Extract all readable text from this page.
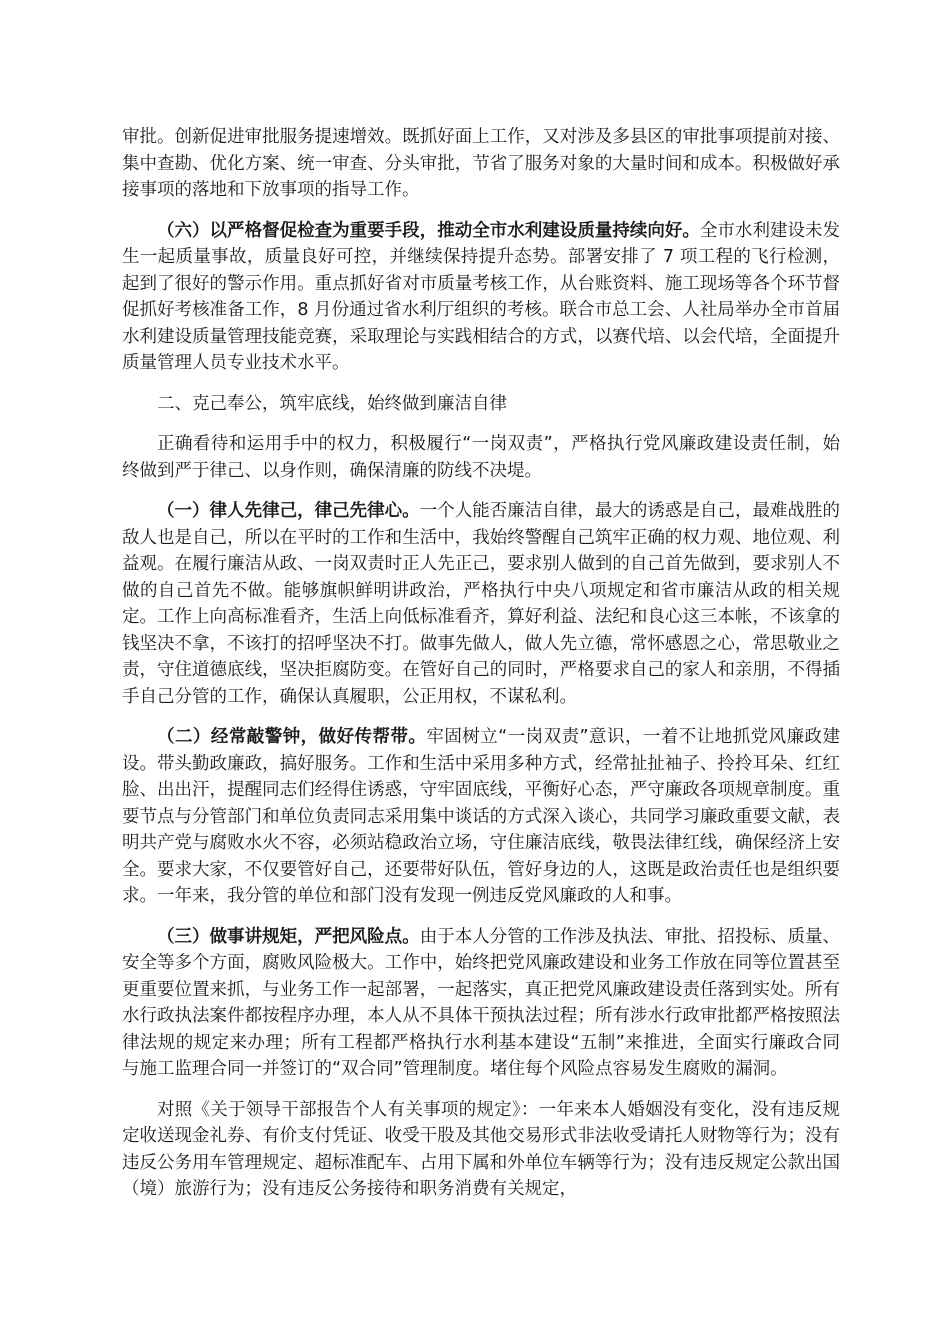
审批。创新促进审批服务提速增效。既抓好面上工作，又对涉及多县区的审批事项提前对接、集中查勘、优化方案、统一审查、分头审批，节省了服务对象的大量时间和成本。积极做好承接事项的落地和下放事项的指导工作。

（六）以严格督促检查为重要手段，推动全市水利建设质量持续向好。全市水利建设未发生一起质量事故，质量良好可控，并继续保持提升态势。部署安排了 7 项工程的飞行检测，起到了很好的警示作用。重点抓好省对市质量考核工作，从台账资料、施工现场等各个环节督促抓好考核准备工作，8 月份通过省水利厅组织的考核。联合市总工会、人社局举办全市首届水利建设质量管理技能竞赛，采取理论与实践相结合的方式，以赛代培、以会代培，全面提升质量管理人员专业技术水平。

二、克己奉公，筑牢底线，始终做到廉洁自律

正确看待和运用手中的权力，积极履行“一岗双责”，严格执行党风廉政建设责任制，始终做到严于律己、以身作则，确保清廉的防线不决堤。

（一）律人先律己，律己先律心。一个人能否廉洁自律，最大的诱惑是自己，最难战胜的敌人也是自己，所以在平时的工作和生活中，我始终警醒自己筑牢正确的权力观、地位观、利益观。在履行廉洁从政、一岗双责时正人先正己，要求别人做到的自己首先做到，要求别人不做的自己首先不做。能够旗帜鲜明讲政治，严格执行中央八项规定和省市廉洁从政的相关规定。工作上向高标准看齐，生活上向低标准看齐，算好利益、法纪和良心这三本帐，不该拿的钱坚决不拿，不该打的招呼坚决不打。做事先做人，做人先立德，常怀感恩之心，常思敬业之责，守住道德底线，坚决拒腐防变。在管好自己的同时，严格要求自己的家人和亲朋，不得插手自己分管的工作，确保认真履职，公正用权，不谋私利。

（二）经常敲警钟，做好传帮带。牢固树立“一岗双责”意识，一着不让地抓党风廉政建设。带头勤政廉政，搞好服务。工作和生活中采用多种方式，经常扯扯袖子、拎拎耳朵、红红脸、出出汗，提醒同志们经得住诱惑，守牢固底线，平衡好心态，严守廉政各项规章制度。重要节点与分管部门和单位负责同志采用集中谈话的方式深入谈心，共同学习廉政重要文献，表明共产党与腐败水火不容，必须站稳政治立场，守住廉洁底线，敬畏法律红线，确保经济上安全。要求大家，不仅要管好自己，还要带好队伍，管好身边的人，这既是政治责任也是组织要求。一年来，我分管的单位和部门没有发现一例违反党风廉政的人和事。

（三）做事讲规矩，严把风险点。由于本人分管的工作涉及执法、审批、招投标、质量、安全等多个方面，腐败风险极大。工作中，始终把党风廉政建设和业务工作放在同等位置甚至更重要位置来抓，与业务工作一起部署，一起落实，真正把党风廉政建设责任落到实处。所有水行政执法案件都按程序办理，本人从不具体干预执法过程；所有涉水行政审批都严格按照法律法规的规定来办理；所有工程都严格执行水利基本建设“五制”来推进，全面实行廉政合同与施工监理合同一并签订的“双合同”管理制度。堵住每个风险点容易发生腐败的漏洞。

对照《关于领导干部报告个人有关事项的规定》：一年来本人婚姻没有变化，没有违反规定收送现金礼券、有价支付凭证、收受干股及其他交易形式非法收受请托人财物等行为；没有违反公务用车管理规定、超标准配车、占用下属和外单位车辆等行为；没有违反规定公款出国（境）旅游行为；没有违反公务接待和职务消费有关规定，
